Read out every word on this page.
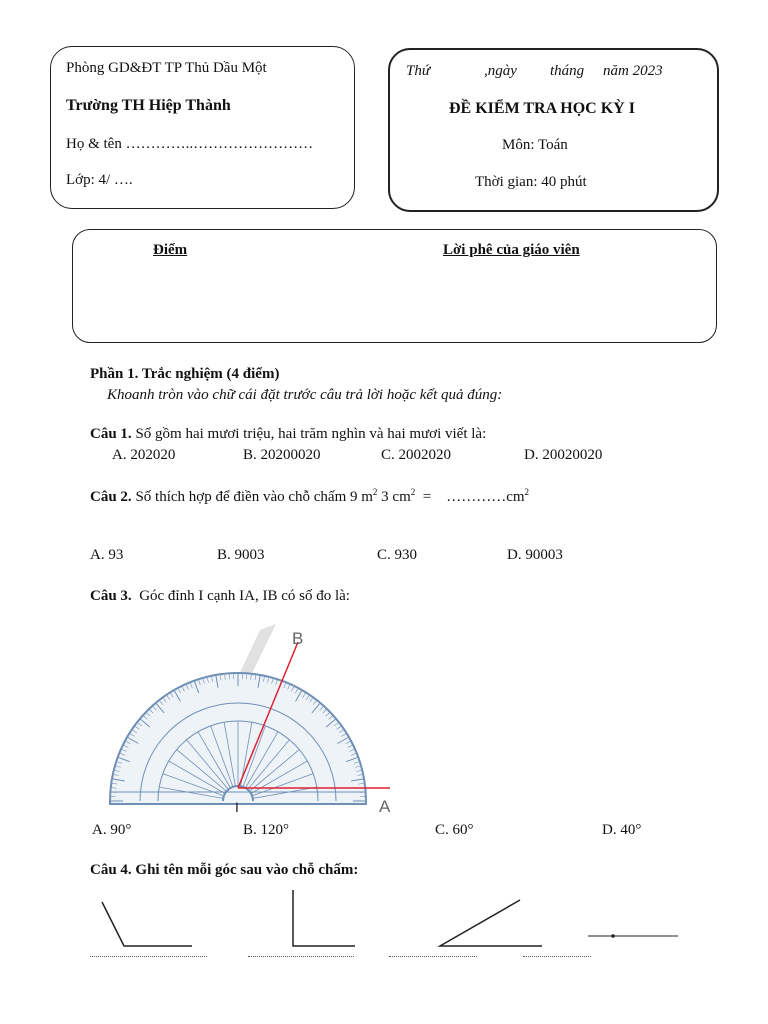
Phòng GD&ĐT TP Thủ Dầu Một
Trường TH Hiệp Thành
Họ & tên …………..……………………
Lớp: 4/ ….
Thứ	,ngày tháng năm 2023
ĐỀ KIỂM TRA HỌC KỲ I
Môn: Toán
Thời gian: 40 phút
Điểm	Lời phê của giáo viên
Phần 1. Trắc nghiệm (4 điểm)
Khoanh tròn vào chữ cái đặt trước câu trả lời hoặc kết quả đúng:
Câu 1. Số gồm hai mươi triệu, hai trăm nghìn và hai mươi viết là:
A. 202020	B. 20200020	C. 2002020	D. 20020020
Câu 2. Số thích hợp để điền vào chỗ chấm 9 $m^2$ 3 $cm^2$  =    $\dots\dots\dots\dots cm^2$
A. 93	B. 9003	C. 930	D. 90003
Câu 3.  Góc đỉnh I cạnh IA, IB có số đo là:
B
A
I
A. 90°	B. 120°	C. 60°	D. 40°
Câu 4. Ghi tên mỗi góc sau vào chỗ chấm:
